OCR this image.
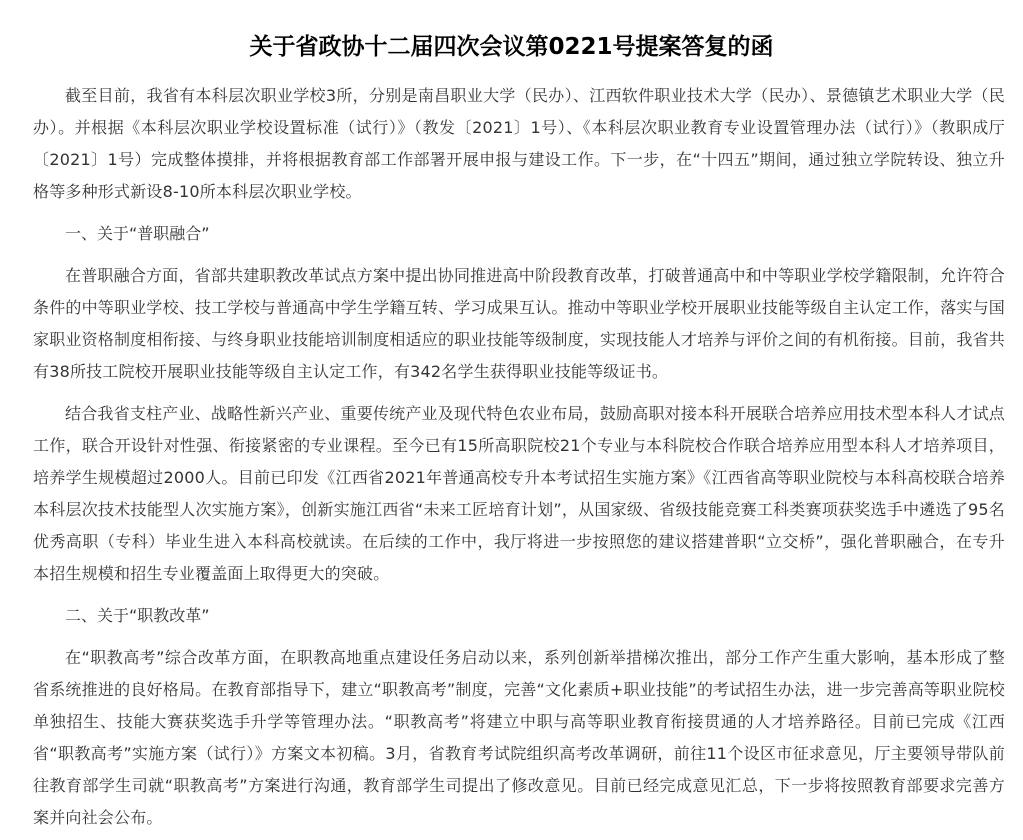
关于省政协十二届四次会议第0221号提案答复的函

截至目前，我省有本科层次职业学校3所，分别是南昌职业大学（民办）、江西软件职业技术大学（民办）、景德镇艺术职业大学（民办）。并根据《本科层次职业学校设置标准（试行）》（教发〔2021〕1号）、《本科层次职业教育专业设置管理办法（试行）》（教职成厅〔2021〕1号）完成整体摸排，并将根据教育部工作部署开展申报与建设工作。下一步，在“十四五”期间，通过独立学院转设、独立升格等多种形式新设8-10所本科层次职业学校。

一、关于“普职融合”

在普职融合方面，省部共建职教改革试点方案中提出协同推进高中阶段教育改革，打破普通高中和中等职业学校学籍限制，允许符合条件的中等职业学校、技工学校与普通高中学生学籍互转、学习成果互认。推动中等职业学校开展职业技能等级自主认定工作，落实与国家职业资格制度相衔接、与终身职业技能培训制度相适应的职业技能等级制度，实现技能人才培养与评价之间的有机衔接。目前，我省共有38所技工院校开展职业技能等级自主认定工作，有342名学生获得职业技能等级证书。

结合我省支柱产业、战略性新兴产业、重要传统产业及现代特色农业布局，鼓励高职对接本科开展联合培养应用技术型本科人才试点工作，联合开设针对性强、衔接紧密的专业课程。至今已有15所高职院校21个专业与本科院校合作联合培养应用型本科人才培养项目，培养学生规模超过2000人。目前已印发《江西省2021年普通高校专升本考试招生实施方案》《江西省高等职业院校与本科高校联合培养本科层次技术技能型人次实施方案》，创新实施江西省“未来工匠培育计划”，从国家级、省级技能竞赛工科类赛项获奖选手中遴选了95名优秀高职（专科）毕业生进入本科高校就读。在后续的工作中，我厅将进一步按照您的建议搭建普职“立交桥”，强化普职融合，在专升本招生规模和招生专业覆盖面上取得更大的突破。

二、关于“职教改革”

在“职教高考”综合改革方面，在职教高地重点建设任务启动以来，系列创新举措梯次推出，部分工作产生重大影响，基本形成了整省系统推进的良好格局。在教育部指导下，建立“职教高考”制度，完善“文化素质+职业技能”的考试招生办法，进一步完善高等职业院校单独招生、技能大赛获奖选手升学等管理办法。“职教高考”将建立中职与高等职业教育衔接贯通的人才培养路径。目前已完成《江西省“职教高考”实施方案（试行）》方案文本初稿。3月，省教育考试院组织高考改革调研，前往11个设区市征求意见，厅主要领导带队前往教育部学生司就“职教高考”方案进行沟通，教育部学生司提出了修改意见。目前已经完成意见汇总，下一步将按照教育部要求完善方案并向社会公布。
